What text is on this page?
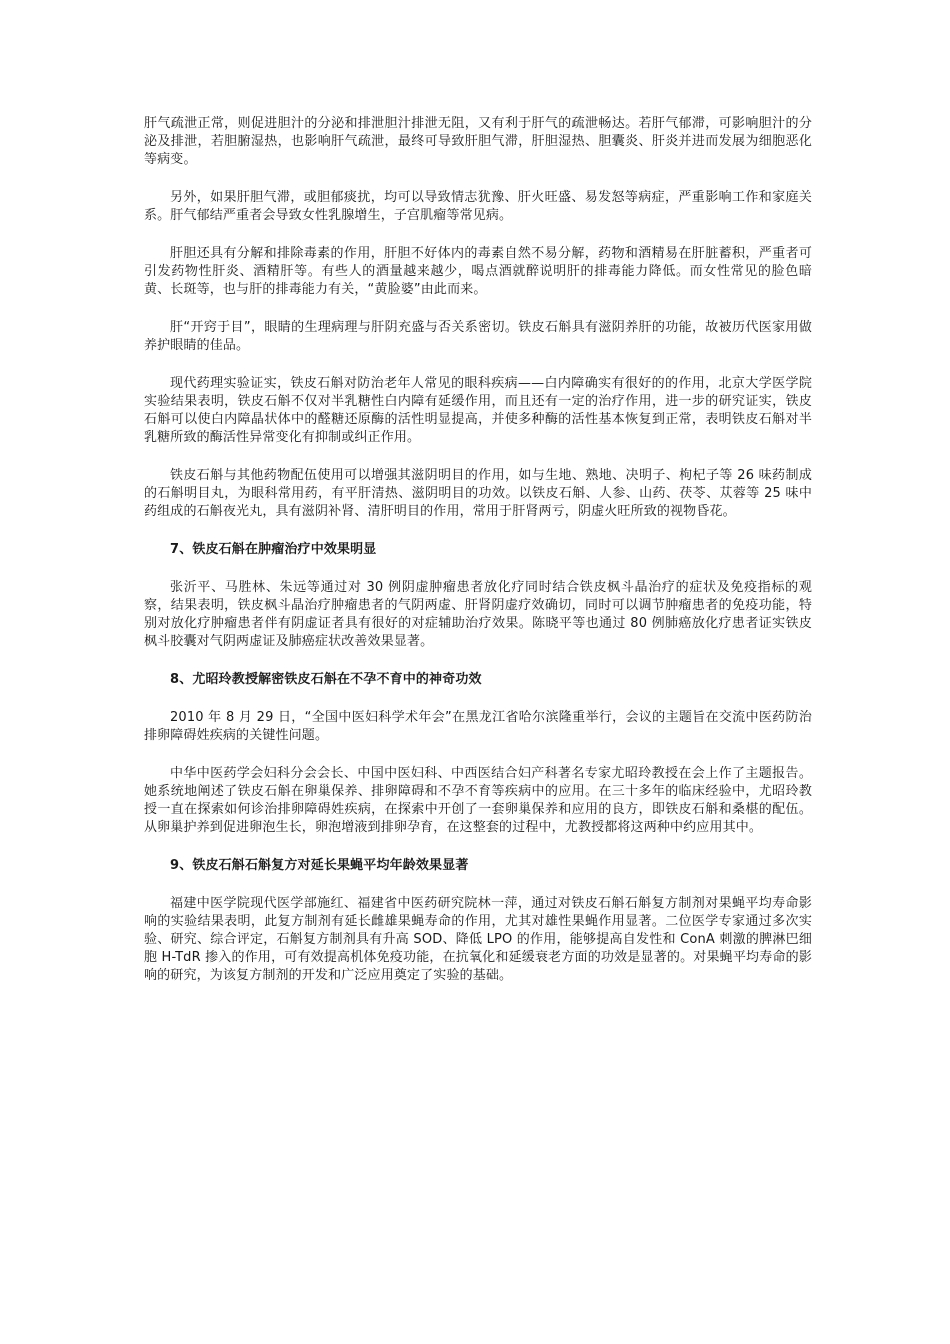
肝气疏泄正常，则促进胆汁的分泌和排泄胆汁排泄无阻，又有利于肝气的疏泄畅达。若肝气郁滞，可影响胆汁的分泌及排泄，若胆腑湿热，也影响肝气疏泄，最终可导致肝胆气滞，肝胆湿热、胆囊炎、肝炎并进而发展为细胞恶化等病变。

另外，如果肝胆气滞，或胆郁痰扰，均可以导致情志犹豫、肝火旺盛、易发怒等病症，严重影响工作和家庭关系。肝气郁结严重者会导致女性乳腺增生，子宫肌瘤等常见病。

肝胆还具有分解和排除毒素的作用，肝胆不好体内的毒素自然不易分解，药物和酒精易在肝脏蓄积，严重者可引发药物性肝炎、酒精肝等。有些人的酒量越来越少，喝点酒就醉说明肝的排毒能力降低。而女性常见的脸色暗黄、长斑等，也与肝的排毒能力有关，“黄脸婆”由此而来。

肝“开窍于目”，眼睛的生理病理与肝阴充盛与否关系密切。铁皮石斛具有滋阴养肝的功能，故被历代医家用做养护眼睛的佳品。

现代药理实验证实，铁皮石斛对防治老年人常见的眼科疾病——白内障确实有很好的的作用，北京大学医学院实验结果表明，铁皮石斛不仅对半乳糖性白内障有延缓作用，而且还有一定的治疗作用，进一步的研究证实，铁皮石斛可以使白内障晶状体中的醛糖还原酶的活性明显提高，并使多种酶的活性基本恢复到正常，表明铁皮石斛对半乳糖所致的酶活性异常变化有抑制或纠正作用。

铁皮石斛与其他药物配伍使用可以增强其滋阴明目的作用，如与生地、熟地、决明子、枸杞子等 26 味药制成的石斛明目丸，为眼科常用药，有平肝清热、滋阴明目的功效。以铁皮石斛、人参、山药、茯苓、苁蓉等 25 味中药组成的石斛夜光丸，具有滋阴补肾、清肝明目的作用，常用于肝肾两亏，阴虚火旺所致的视物昏花。

7、铁皮石斛在肿瘤治疗中效果明显

张沂平、马胜林、朱远等通过对 30 例阴虚肿瘤患者放化疗同时结合铁皮枫斗晶治疗的症状及免疫指标的观察，结果表明，铁皮枫斗晶治疗肿瘤患者的气阴两虚、肝肾阴虚疗效确切，同时可以调节肿瘤患者的免疫功能，特别对放化疗肿瘤患者伴有阴虚证者具有很好的对症辅助治疗效果。陈晓平等也通过 80 例肺癌放化疗患者证实铁皮枫斗胶囊对气阴两虚证及肺癌症状改善效果显著。

8、尤昭玲教授解密铁皮石斛在不孕不育中的神奇功效

2010 年 8 月 29 日，“全国中医妇科学术年会”在黑龙江省哈尔滨隆重举行，会议的主题旨在交流中医药防治排卵障碍姓疾病的关键性问题。

中华中医药学会妇科分会会长、中国中医妇科、中西医结合妇产科著名专家尤昭玲教授在会上作了主题报告。她系统地阐述了铁皮石斛在卵巢保养、排卵障碍和不孕不育等疾病中的应用。在三十多年的临床经验中，尤昭玲教授一直在探索如何诊治排卵障碍姓疾病，在探索中开创了一套卵巢保养和应用的良方，即铁皮石斛和桑椹的配伍。从卵巢护养到促进卵泡生长，卵泡增液到排卵孕育，在这整套的过程中，尤教授都将这两种中约应用其中。

9、铁皮石斛石斛复方对延长果蝇平均年龄效果显著

福建中医学院现代医学部施红、福建省中医药研究院林一萍，通过对铁皮石斛石斛复方制剂对果蝇平均寿命影响的实验结果表明，此复方制剂有延长雌雄果蝇寿命的作用，尤其对雄性果蝇作用显著。二位医学专家通过多次实验、研究、综合评定，石斛复方制剂具有升高 SOD、降低 LPO 的作用，能够提高自发性和 ConA 刺激的脾淋巴细胞 H-TdR 掺入的作用，可有效提高机体免疫功能，在抗氧化和延缓衰老方面的功效是显著的。对果蝇平均寿命的影响的研究，为该复方制剂的开发和广泛应用奠定了实验的基础。
